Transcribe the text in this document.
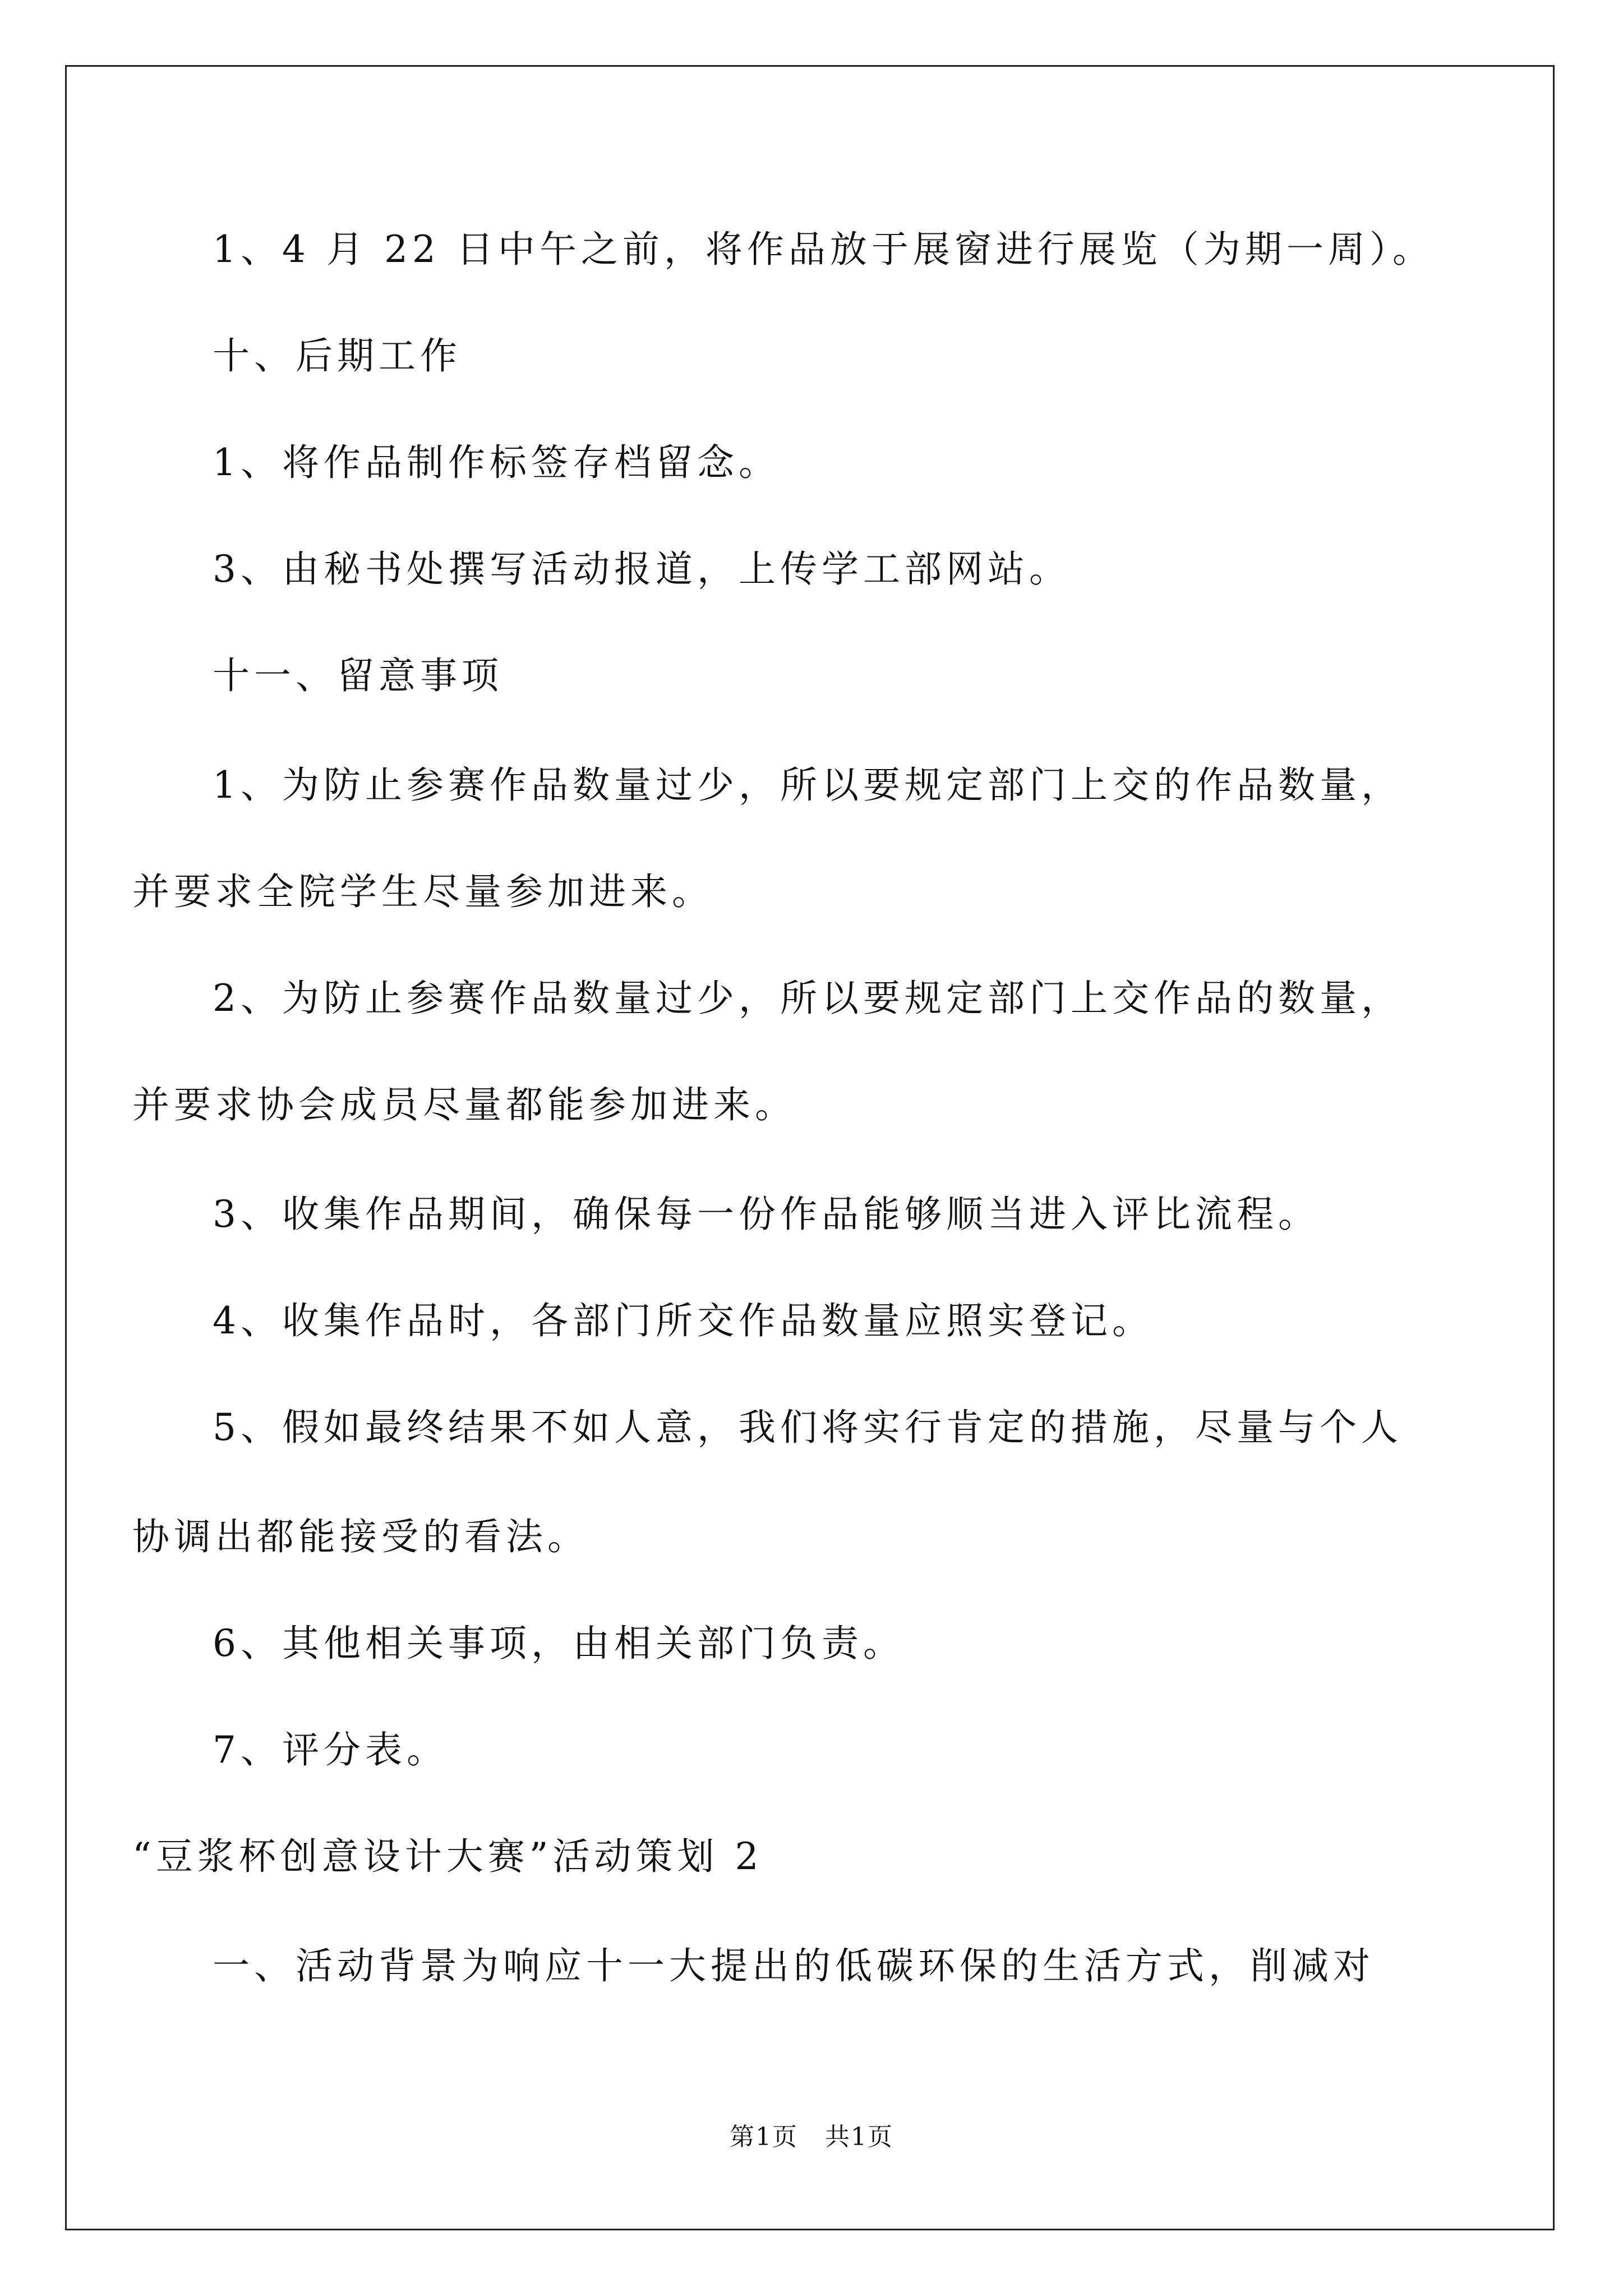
1、4 月 22 日中午之前，将作品放于展窗进行展览（为期一周）。
十、后期工作
1、将作品制作标签存档留念。
3、由秘书处撰写活动报道，上传学工部网站。
十一、留意事项
1、为防止参赛作品数量过少，所以要规定部门上交的作品数量，
并要求全院学生尽量参加进来。
2、为防止参赛作品数量过少，所以要规定部门上交作品的数量，
并要求协会成员尽量都能参加进来。
3、收集作品期间，确保每一份作品能够顺当进入评比流程。
4、收集作品时，各部门所交作品数量应照实登记。
5、假如最终结果不如人意，我们将实行肯定的措施，尽量与个人
协调出都能接受的看法。
6、其他相关事项，由相关部门负责。
7、评分表。
“豆浆杯创意设计大赛”活动策划 2
一、活动背景为响应十一大提出的低碳环保的生活方式，削减对
第1页   共1页
